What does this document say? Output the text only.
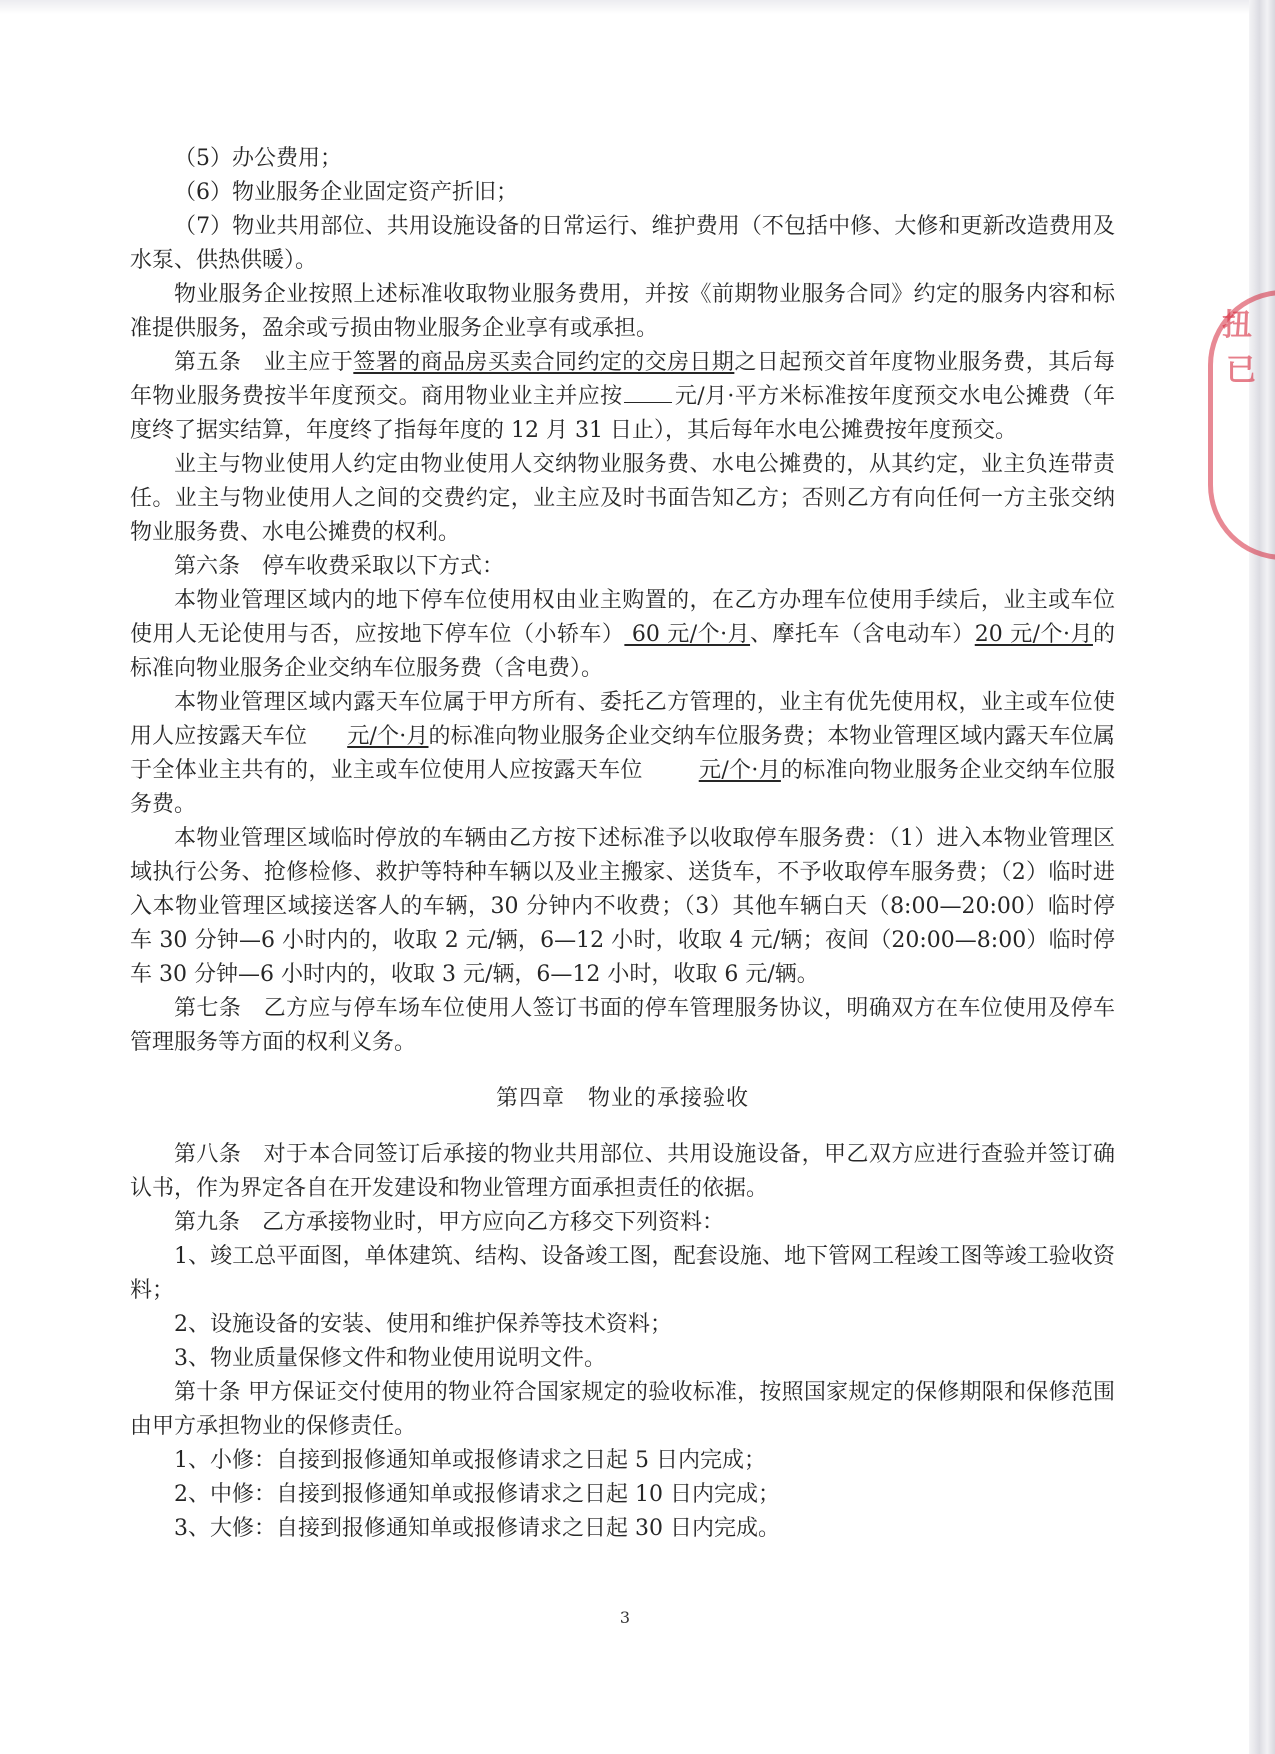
（5）办公费用；

（6）物业服务企业固定资产折旧；

（7）物业共用部位、共用设施设备的日常运行、维护费用（不包括中修、大修和更新改造费用及水泵、供热供暖）。

物业服务企业按照上述标准收取物业服务费用，并按《前期物业服务合同》约定的服务内容和标准提供服务，盈余或亏损由物业服务企业享有或承担。

第五条　业主应于签署的商品房买卖合同约定的交房日期之日起预交首年度物业服务费，其后每年物业服务费按半年度预交。商用物业业主并应按 元/月·平方米标准按年度预交水电公摊费（年度终了据实结算，年度终了指每年度的 12 月 31 日止），其后每年水电公摊费按年度预交。

业主与物业使用人约定由物业使用人交纳物业服务费、水电公摊费的，从其约定，业主负连带责任。业主与物业使用人之间的交费约定，业主应及时书面告知乙方；否则乙方有向任何一方主张交纳物业服务费、水电公摊费的权利。

第六条　停车收费采取以下方式：

本物业管理区域内的地下停车位使用权由业主购置的，在乙方办理车位使用手续后，业主或车位使用人无论使用与否，应按地下停车位（小轿车） 60 元/个·月、摩托车（含电动车）20 元/个·月的标准向物业服务企业交纳车位服务费（含电费）。

本物业管理区域内露天车位属于甲方所有、委托乙方管理的，业主有优先使用权，业主或车位使用人应按露天车位 元/个·月的标准向物业服务企业交纳车位服务费；本物业管理区域内露天车位属于全体业主共有的，业主或车位使用人应按露天车位	元/个·月的标准向物业服务企业交纳车位服务费。

本物业管理区域临时停放的车辆由乙方按下述标准予以收取停车服务费：（1）进入本物业管理区域执行公务、抢修检修、救护等特种车辆以及业主搬家、送货车，不予收取停车服务费；（2）临时进入本物业管理区域接送客人的车辆，30 分钟内不收费；（3）其他车辆白天（8:00—20:00）临时停车 30 分钟—6 小时内的，收取 2 元/辆，6—12 小时，收取 4 元/辆；夜间（20:00—8:00）临时停车 30 分钟—6 小时内的，收取 3 元/辆，6—12 小时，收取 6 元/辆。

第七条　乙方应与停车场车位使用人签订书面的停车管理服务协议，明确双方在车位使用及停车管理服务等方面的权利义务。

第四章　物业的承接验收

第八条　对于本合同签订后承接的物业共用部位、共用设施设备，甲乙双方应进行查验并签订确认书，作为界定各自在开发建设和物业管理方面承担责任的依据。

第九条　乙方承接物业时，甲方应向乙方移交下列资料：

1、竣工总平面图，单体建筑、结构、设备竣工图，配套设施、地下管网工程竣工图等竣工验收资料；

2、设施设备的安装、使用和维护保养等技术资料；

3、物业质量保修文件和物业使用说明文件。

第十条 甲方保证交付使用的物业符合国家规定的验收标准，按照国家规定的保修期限和保修范围由甲方承担物业的保修责任。

1、小修：自接到报修通知单或报修请求之日起 5 日内完成；

2、中修：自接到报修通知单或报修请求之日起 10 日内完成；

3、大修：自接到报修通知单或报修请求之日起 30 日内完成。

3
扭
已
